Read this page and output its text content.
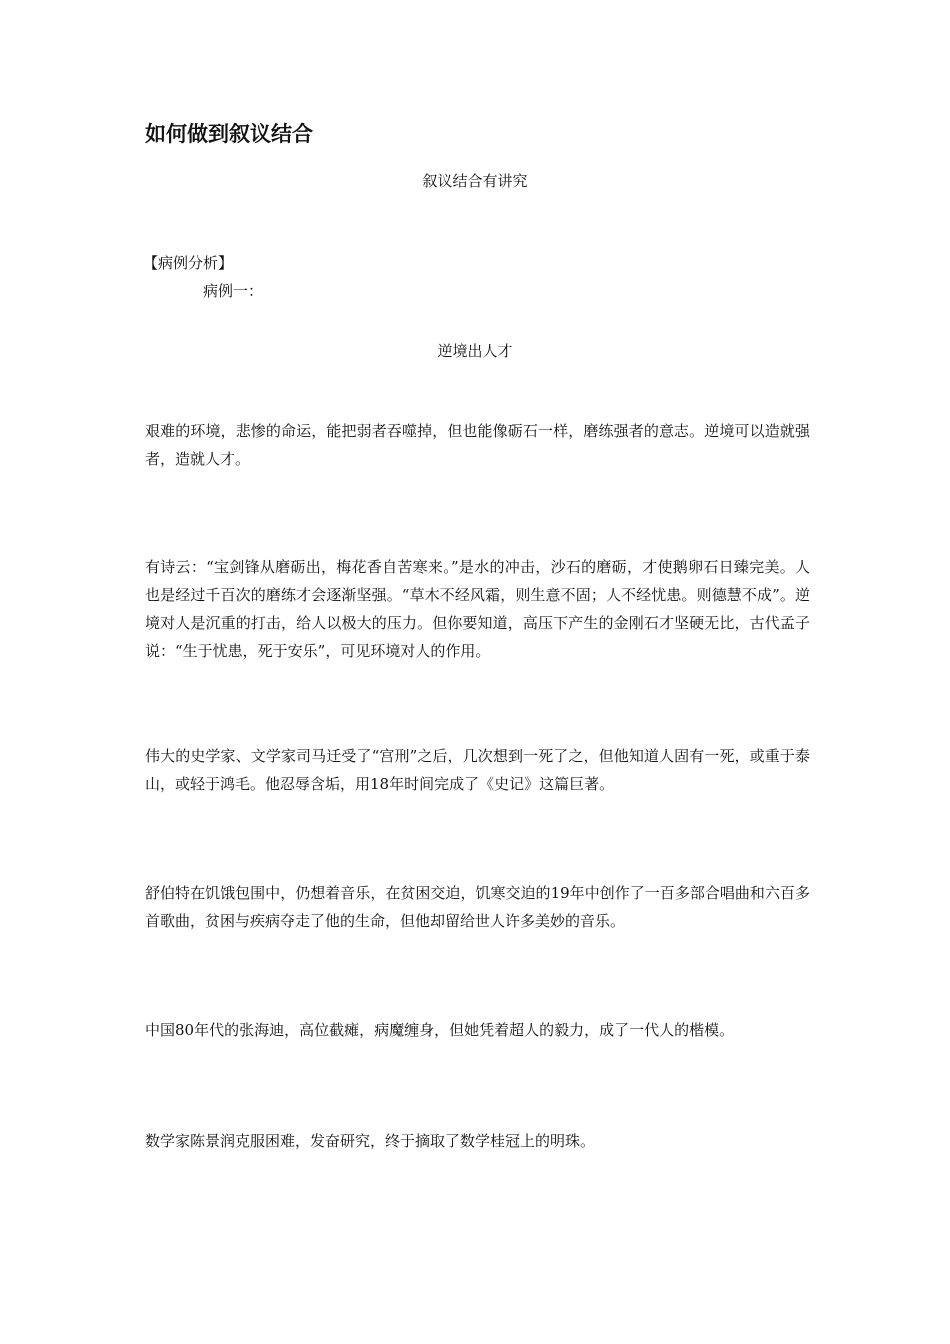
如何做到叙议结合

叙议结合有讲究

【病例分析】

病例一：

逆境出人才

艰难的环境，悲惨的命运，能把弱者吞噬掉，但也能像砺石一样，磨练强者的意志。逆境可以造就强者，造就人才。

有诗云：“宝剑锋从磨砺出，梅花香自苦寒来。”是水的冲击，沙石的磨砺，才使鹅卵石日臻完美。人也是经过千百次的磨练才会逐渐坚强。“草木不经风霜，则生意不固；人不经忧患。则德慧不成”。逆境对人是沉重的打击，给人以极大的压力。但你要知道，高压下产生的金刚石才坚硬无比，古代孟子说：“生于忧患，死于安乐”，可见环境对人的作用。

伟大的史学家、文学家司马迁受了“宫刑”之后，几次想到一死了之，但他知道人固有一死，或重于泰山，或轻于鸿毛。他忍辱含垢，用18年时间完成了《史记》这篇巨著。

舒伯特在饥饿包围中，仍想着音乐，在贫困交迫，饥寒交迫的19年中创作了一百多部合唱曲和六百多首歌曲，贫困与疾病夺走了他的生命，但他却留给世人许多美妙的音乐。

中国80年代的张海迪，高位截瘫，病魔缠身，但她凭着超人的毅力，成了一代人的楷模。

数学家陈景润克服困难，发奋研究，终于摘取了数学桂冠上的明珠。
